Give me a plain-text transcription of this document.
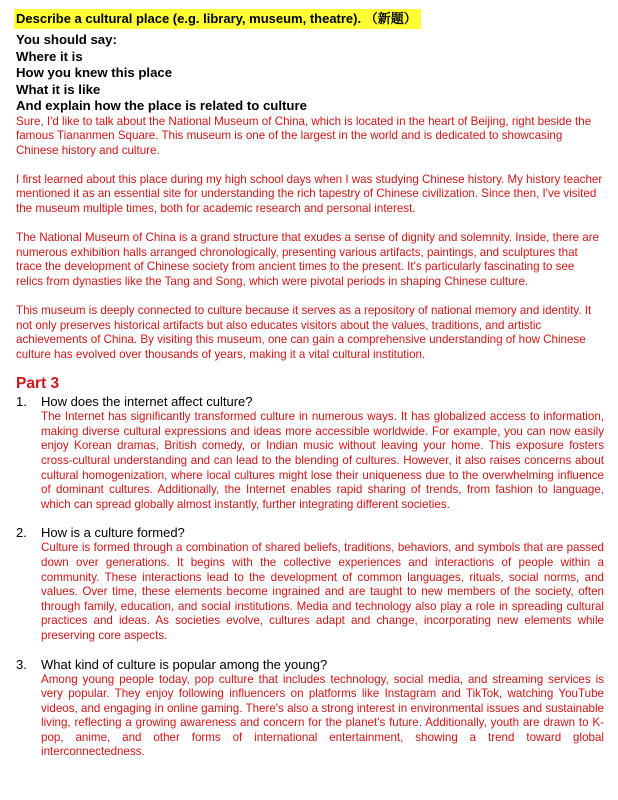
Describe a cultural place (e.g. library, museum, theatre). （新题）
You should say:
Where it is
How you knew this place
What it is like
And explain how the place is related to culture

Sure, I'd like to talk about the National Museum of China, which is located in the heart of Beijing, right beside the famous Tiananmen Square. This museum is one of the largest in the world and is dedicated to showcasing Chinese history and culture.

I first learned about this place during my high school days when I was studying Chinese history. My history teacher mentioned it as an essential site for understanding the rich tapestry of Chinese civilization. Since then, I've visited the museum multiple times, both for academic research and personal interest.

The National Museum of China is a grand structure that exudes a sense of dignity and solemnity. Inside, there are numerous exhibition halls arranged chronologically, presenting various artifacts, paintings, and sculptures that trace the development of Chinese society from ancient times to the present. It's particularly fascinating to see relics from dynasties like the Tang and Song, which were pivotal periods in shaping Chinese culture.

This museum is deeply connected to culture because it serves as a repository of national memory and identity. It not only preserves historical artifacts but also educates visitors about the values, traditions, and artistic achievements of China. By visiting this museum, one can gain a comprehensive understanding of how Chinese culture has evolved over thousands of years, making it a vital cultural institution.

Part 3
1.	How does the internet affect culture?
The Internet has significantly transformed culture in numerous ways. It has globalized access to information, making diverse cultural expressions and ideas more accessible worldwide. For example, you can now easily enjoy Korean dramas, British comedy, or Indian music without leaving your home. This exposure fosters cross-cultural understanding and can lead to the blending of cultures. However, it also raises concerns about cultural homogenization, where local cultures might lose their uniqueness due to the overwhelming influence of dominant cultures. Additionally, the Internet enables rapid sharing of trends, from fashion to language, which can spread globally almost instantly, further integrating different societies.
2.	How is a culture formed?
Culture is formed through a combination of shared beliefs, traditions, behaviors, and symbols that are passed down over generations. It begins with the collective experiences and interactions of people within a community. These interactions lead to the development of common languages, rituals, social norms, and values. Over time, these elements become ingrained and are taught to new members of the society, often through family, education, and social institutions. Media and technology also play a role in spreading cultural practices and ideas. As societies evolve, cultures adapt and change, incorporating new elements while preserving core aspects.
3.	What kind of culture is popular among the young?
Among young people today, pop culture that includes technology, social media, and streaming services is very popular. They enjoy following influencers on platforms like Instagram and TikTok, watching YouTube videos, and engaging in online gaming. There's also a strong interest in environmental issues and sustainable living, reflecting a growing awareness and concern for the planet's future. Additionally, youth are drawn to K-pop, anime, and other forms of international entertainment, showing a trend toward global interconnectedness.
